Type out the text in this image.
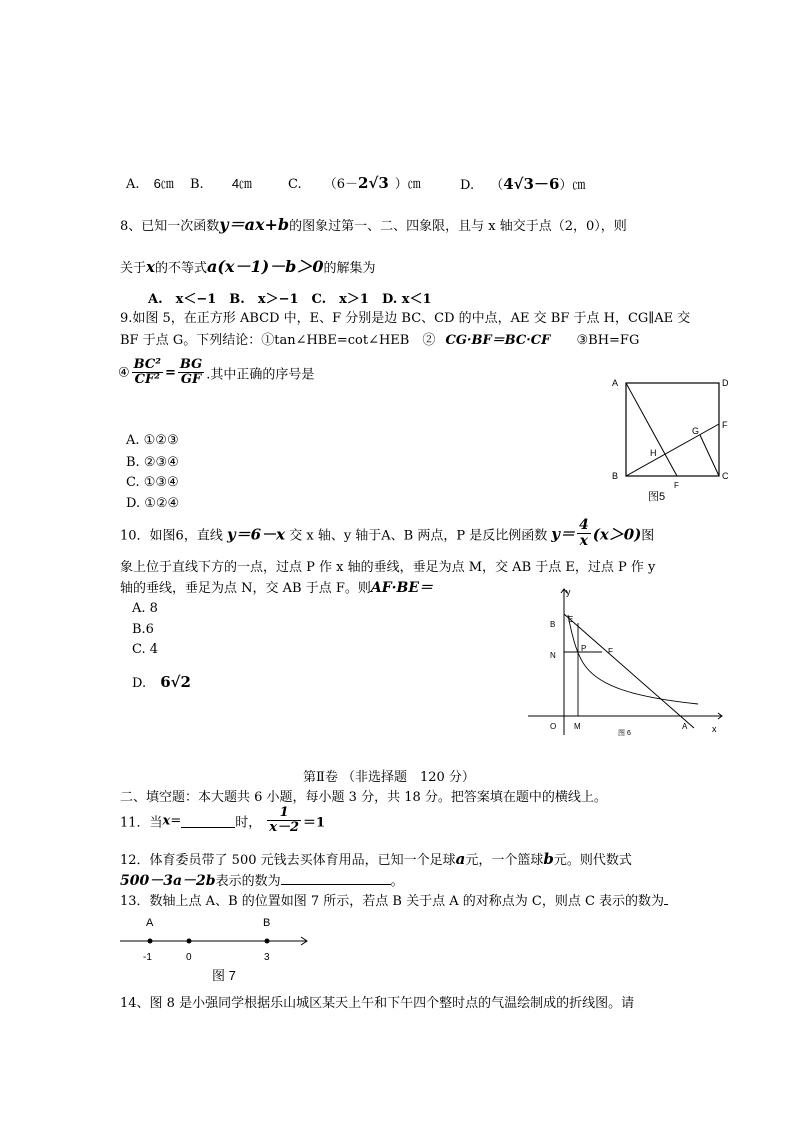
A. 6㎝ B. 4㎝	C. （6－2√3 ）㎝	D. （4√3－6）㎝
8、已知一次函数y＝ax+b的图象过第一、二、四象限，且与 x 轴交于点（2，0），则
关于x的不等式a(x－1)－b＞0的解集为
A.　x＜−1　B.　x＞−1　C.　x＞1　D. x＜1
9.如图 5，在正方形 ABCD 中，E、F 分别是边 BC、CD 的中点，AE 交 BF 于点 H，CG∥AE 交
BF 于点 G。下列结论：①tan∠HBE=cot∠HEB　② CG·BF＝BC·CF ③BH=FG
④ $\frac{\text{BC²}}{\text{CF²}} = \frac{BG}{GF}$ .其中正确的序号是
A. ①②③
B. ②③④
C. ①③④
D. ①②④
A	D
B	C
F
G
H
F
图5
10．如图6，直线 y＝6－x 交 x 轴、y 轴于A、B 两点，P 是反比例函数 $y= \frac{4}{x} (x>0)$图
象上位于直线下方的一点，过点 P 作 x 轴的垂线，垂足为点 M，交 AB 于点 E，过点 P 作 y
轴的垂线，垂足为点 N，交 AB 于点 F。则AF·BE＝
A. 8
B.6
C. 4
D. 6√2
y
x
B
E
N
P	F
O M	A
图 6
第Ⅱ卷 （非选择题　120 分）
二、填空题：本大题共 6 小题，每小题 3 分，共 18 分。把答案填在题中的横线上。
11．当x=	时， $\frac{1}{x-2} =1$
12．体育委员带了 500 元钱去买体育用品，已知一个足球a元，一个篮球b元。则代数式
500－3a－2b表示的数为	。
13．数轴上点 A、B 的位置如图 7 所示，若点 B 关于点 A 的对称点为 C，则点 C 表示的数为
A	B
-1	0	3
图 7
14、图 8 是小强同学根据乐山城区某天上午和下午四个整时点的气温绘制成的折线图。请
